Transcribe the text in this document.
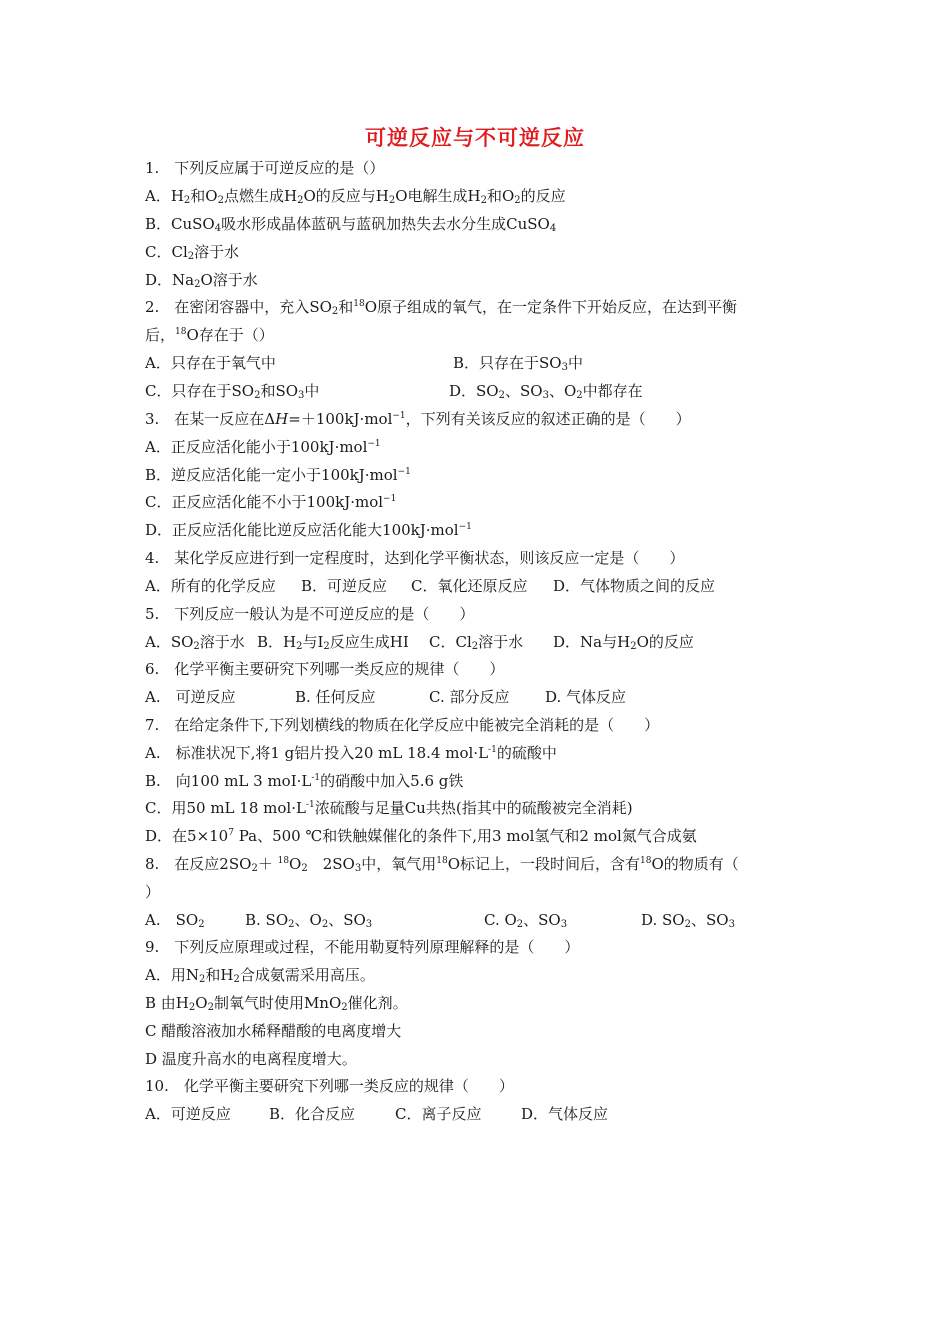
可逆反应与不可逆反应
1.　下列反应属于可逆反应的是（）
A．$H_2$和$O_2$点燃生成$H_2O$的反应与$H_2O$电解生成$H_2$和$O_2$的反应
B．CuSO$_4$吸水形成晶体蓝矾与蓝矾加热失去水分生成CuSO$_4$
C．$Cl_2$溶于水
D．$Na_2O$溶于水
2.　在密闭容器中，充入$SO_2$和$^{18}$O原子组成的氧气，在一定条件下开始反应，在达到平衡
后，$^{18}$O存在于（）
A．只存在于氧气中	B．只存在于$SO_3$中
C．只存在于$SO_2$和$SO_3$中	D．$SO_2$、$SO_3$、$O_2$中都存在
3.　在某一反应在ΔH=＋100kJ·mol$^{-1}$，下列有关该反应的叙述正确的是（　　）
A．正反应活化能小于100kJ·mol$^{-1}$
B．逆反应活化能一定小于100kJ·mol$^{-1}$
C．正反应活化能不小于100kJ·mol$^{-1}$
D．正反应活化能比逆反应活化能大100kJ·mol$^{-1}$
4.　某化学反应进行到一定程度时，达到化学平衡状态，则该反应一定是（　　）
A．所有的化学反应 B．可逆反应 C．氧化还原反应 D．气体物质之间的反应
5.　下列反应一般认为是不可逆反应的是（　　）
A．$SO_2$溶于水 B．$H_2$与$I_2$反应生成HI C．$Cl_2$溶于水 D．Na与$H_2O$的反应
6.　化学平衡主要研究下列哪一类反应的规律（　　）
A.　可逆反应	B. 任何反应	C. 部分反应 D. 气体反应
7.　在给定条件下,下列划横线的物质在化学反应中能被完全消耗的是（　　）
A.　标准状况下,将1 g铝片投入20 mL 18.4 $mol\cdot L^{-1}$的硫酸中
B.　向100 mL 3 $moI\cdot L^{-1}$的硝酸中加入5.6 g铁
C．用50 mL 18 $mol\cdot L^{-1}$浓硫酸与足量Cu共热(指其中的硫酸被完全消耗)
D．在$5\times 10^7$ Pa、500 ℃和铁触媒催化的条件下,用3 mol氢气和2 mol氮气合成氨
8.　在反应$2SO_2+ ^{18}O_2$　$2SO_3$中，氧气用$^{18}$O标记上，一段时间后，含有$^{18}$O的物质有（
）
A.　$SO_2$	B. $SO_2$、$O_2$、$SO_3$	C. $O_2$、$SO_3$	D. $SO_2$、$SO_3$
9.　下列反应原理或过程，不能用勒夏特列原理解释的是（　　）
A．用$N_2$和$H_2$合成氨需采用高压。
B 由$H_2O_2$制氧气时使用MnO$_2$催化剂。
C 醋酸溶液加水稀释醋酸的电离度增大
D 温度升高水的电离程度增大。
10.　化学平衡主要研究下列哪一类反应的规律（　　）
A．可逆反应	B．化合反应	C．离子反应	D．气体反应
